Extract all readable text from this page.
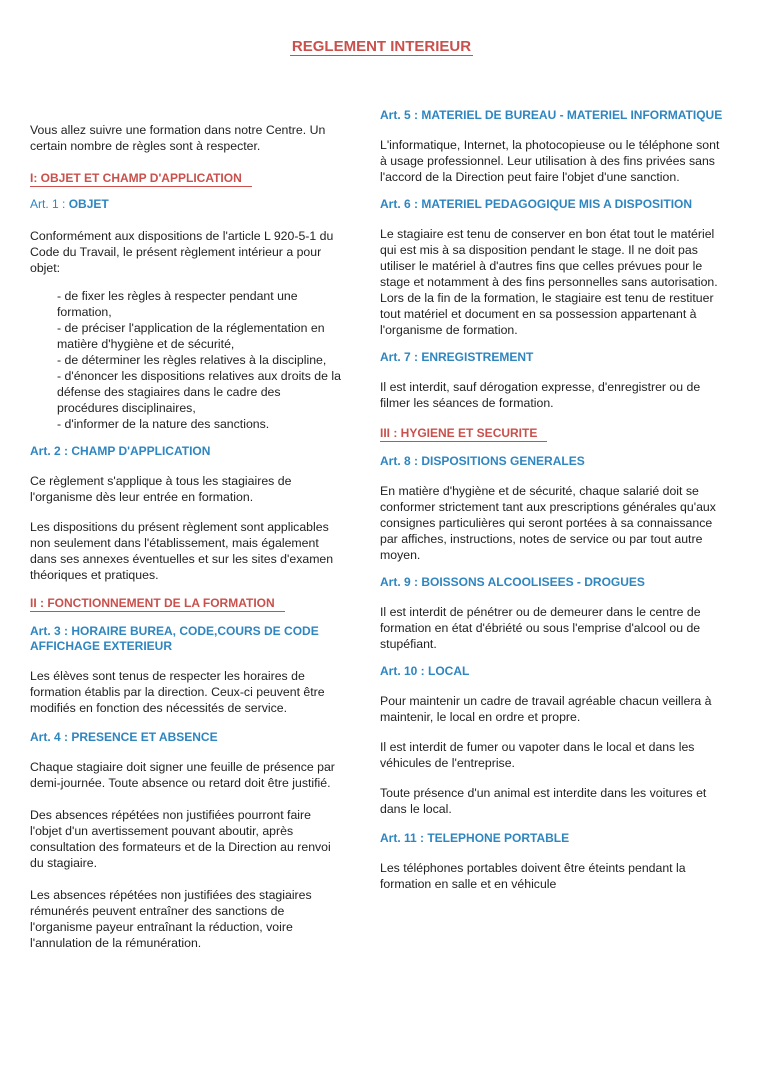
REGLEMENT INTERIEUR

Vous allez suivre une formation dans notre Centre. Un certain nombre de règles sont à respecter.

I: OBJET ET CHAMP D'APPLICATION
Art. 1 : OBJET

Conformément aux dispositions de l'article L 920-5-1 du Code du Travail, le présent règlement intérieur a pour objet:

- de fixer les règles à respecter pendant une formation,
- de préciser l'application de la réglementation en matière d'hygiène et de sécurité,
- de déterminer les règles relatives à la discipline,
- d'énoncer les dispositions relatives aux droits de la défense des stagiaires dans le cadre des procédures disciplinaires,
- d'informer de la nature des sanctions.
Art. 2 : CHAMP D'APPLICATION

Ce règlement s'applique à tous les stagiaires de l'organisme dès leur entrée en formation.

Les dispositions du présent règlement sont applicables non seulement dans l'établissement, mais également dans ses annexes éventuelles et sur les sites d'examen théoriques et pratiques.

II : FONCTIONNEMENT DE LA FORMATION
Art. 3 : HORAIRE BUREA, CODE,COURS DE CODE AFFICHAGE EXTERIEUR

Les élèves sont tenus de respecter les horaires de formation établis par la direction. Ceux-ci peuvent être modifiés en fonction des nécessités de service.

Art. 4 : PRESENCE ET ABSENCE

Chaque stagiaire doit signer une feuille de présence par demi-journée. Toute absence ou retard doit être justifié.

Des absences répétées non justifiées pourront faire l'objet d'un avertissement pouvant aboutir, après consultation des formateurs et de la Direction au renvoi du stagiaire.

Les absences répétées non justifiées des stagiaires rémunérés peuvent entraîner des sanctions de l'organisme payeur entraînant la réduction, voire l'annulation de la rémunération.

Art. 5 : MATERIEL DE BUREAU - MATERIEL INFORMATIQUE

L'informatique, Internet, la photocopieuse ou le téléphone sont à usage professionnel. Leur utilisation à des fins privées sans l'accord de la Direction peut faire l'objet d'une sanction.

Art. 6 : MATERIEL PEDAGOGIQUE MIS A DISPOSITION

Le stagiaire est tenu de conserver en bon état tout le matériel qui est mis à sa disposition pendant le stage. Il ne doit pas utiliser le matériel à d'autres fins que celles prévues pour le stage et notamment à des fins personnelles sans autorisation. Lors de la fin de la formation, le stagiaire est tenu de restituer tout matériel et document en sa possession appartenant à l'organisme de formation.

Art. 7 : ENREGISTREMENT

Il est interdit, sauf dérogation expresse, d'enregistrer ou de filmer les séances de formation.

III : HYGIENE ET SECURITE
Art. 8 : DISPOSITIONS GENERALES

En matière d'hygiène et de sécurité, chaque salarié doit se conformer strictement tant aux prescriptions générales qu'aux consignes particulières qui seront portées à sa connaissance par affiches, instructions, notes de service ou par tout autre moyen.

Art. 9 : BOISSONS ALCOOLISEES - DROGUES

Il est interdit de pénétrer ou de demeurer dans le centre de formation en état d'ébriété ou sous l'emprise d'alcool ou de stupéfiant.

Art. 10 : LOCAL

Pour maintenir un cadre de travail agréable chacun veillera à maintenir, le local en ordre et propre.

Il est interdit de fumer ou vapoter dans le local et dans les véhicules de l'entreprise.

Toute présence d'un animal est interdite dans les voitures et dans le local.

Art. 11 : TELEPHONE PORTABLE

Les téléphones portables doivent être éteints pendant la formation en salle et en véhicule
